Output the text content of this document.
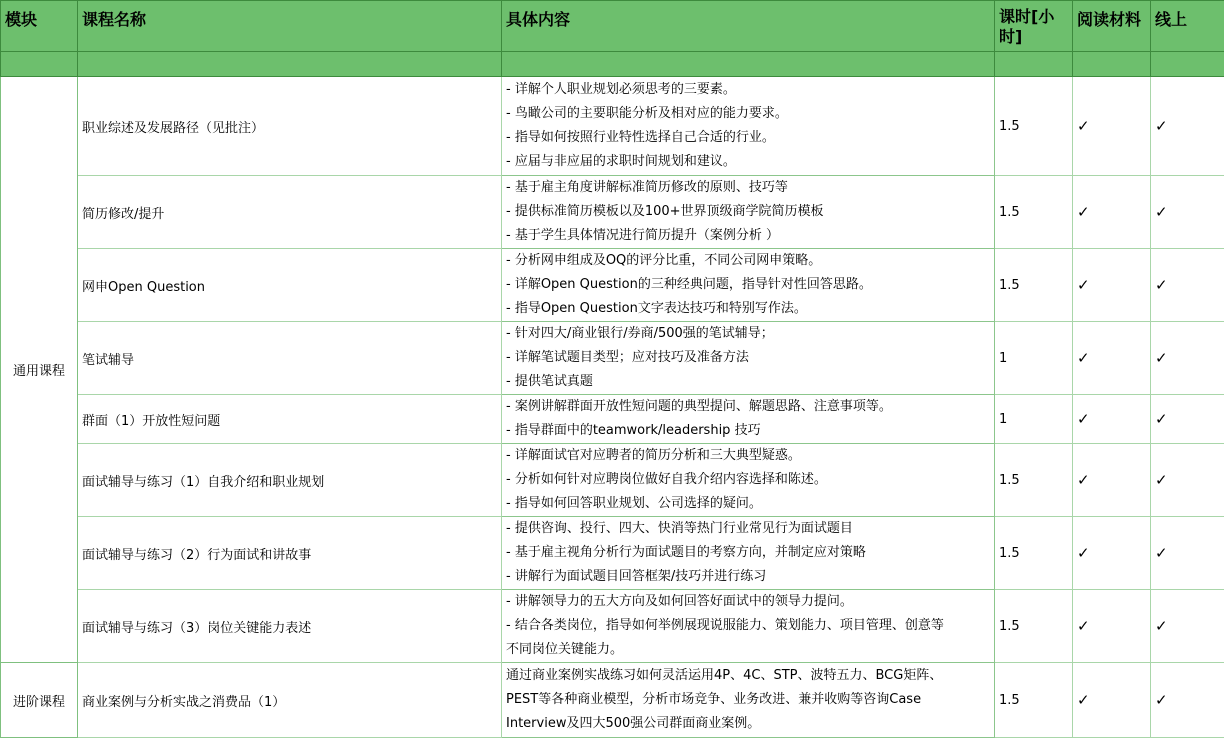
模块	课程名称	具体内容	课时[小时]	阅读材料	线上

通用课程	职业综述及发展路径（见批注）	- 详解个人职业规划必须思考的三要素。
- 鸟瞰公司的主要职能分析及相对应的能力要求。
- 指导如何按照行业特性选择自己合适的行业。
- 应届与非应届的求职时间规划和建议。	1.5	✓	✓
	简历修改/提升	- 基于雇主角度讲解标准简历修改的原则、技巧等
- 提供标准简历模板以及100+世界顶级商学院简历模板
- 基于学生具体情况进行简历提升（案例分析 ）	1.5	✓	✓
	网申Open Question	- 分析网申组成及OQ的评分比重，不同公司网申策略。
- 详解Open Question的三种经典问题，指导针对性回答思路。
- 指导Open Question文字表达技巧和特别写作法。	1.5	✓	✓
	笔试辅导	- 针对四大/商业银行/券商/500强的笔试辅导；
- 详解笔试题目类型；应对技巧及准备方法
- 提供笔试真题	1	✓	✓
	群面（1）开放性短问题	- 案例讲解群面开放性短问题的典型提问、解题思路、注意事项等。
- 指导群面中的teamwork/leadership 技巧	1	✓	✓
	面试辅导与练习（1）自我介绍和职业规划	- 详解面试官对应聘者的简历分析和三大典型疑惑。
- 分析如何针对应聘岗位做好自我介绍内容选择和陈述。
- 指导如何回答职业规划、公司选择的疑问。	1.5	✓	✓
	面试辅导与练习（2）行为面试和讲故事	- 提供咨询、投行、四大、快消等热门行业常见行为面试题目
- 基于雇主视角分析行为面试题目的考察方向，并制定应对策略
- 讲解行为面试题目回答框架/技巧并进行练习	1.5	✓	✓
	面试辅导与练习（3）岗位关键能力表述	- 讲解领导力的五大方向及如何回答好面试中的领导力提问。
- 结合各类岗位，指导如何举例展现说服能力、策划能力、项目管理、创意等
不同岗位关键能力。	1.5	✓	✓
进阶课程	商业案例与分析实战之消费品（1）	通过商业案例实战练习如何灵活运用4P、4C、STP、波特五力、BCG矩阵、
PEST等各种商业模型，分析市场竞争、业务改进、兼并收购等咨询Case
Interview及四大500强公司群面商业案例。	1.5	✓	✓
